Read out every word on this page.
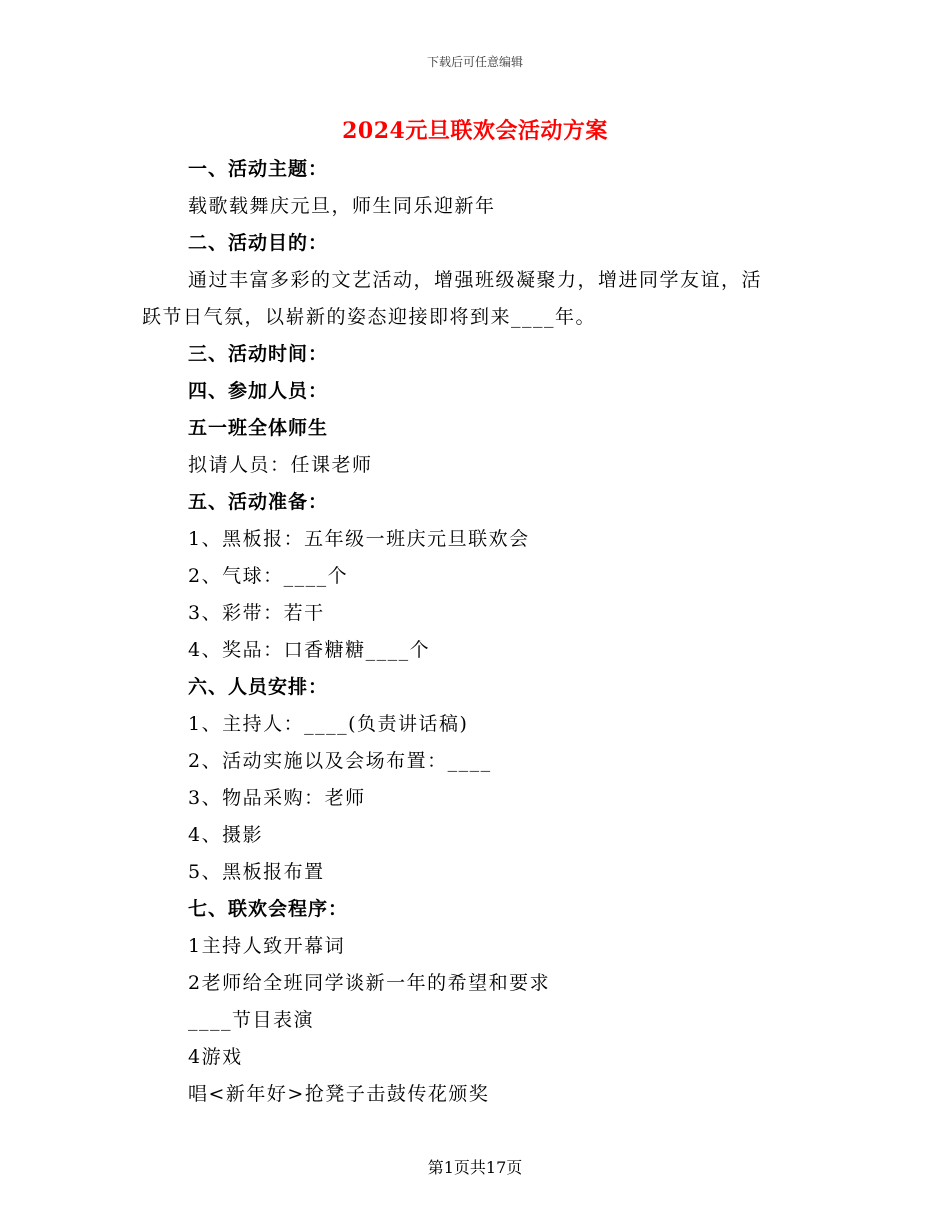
下载后可任意编辑
2024元旦联欢会活动方案
一、活动主题：
载歌载舞庆元旦，师生同乐迎新年
二、活动目的：
通过丰富多彩的文艺活动，增强班级凝聚力，增进同学友谊，活
跃节日气氛，以崭新的姿态迎接即将到来____年。
三、活动时间：
四、参加人员：
五一班全体师生
拟请人员：任课老师
五、活动准备：
1、黑板报：五年级一班庆元旦联欢会
2、气球：____个
3、彩带：若干
4、奖品：口香糖糖____个
六、人员安排：
1、主持人：____(负责讲话稿)
2、活动实施以及会场布置：____
3、物品采购：老师
4、摄影
5、黑板报布置
七、联欢会程序：
1主持人致开幕词
2老师给全班同学谈新一年的希望和要求
____节目表演
4游戏
唱<新年好>抢凳子击鼓传花颁奖
第1页共17页
